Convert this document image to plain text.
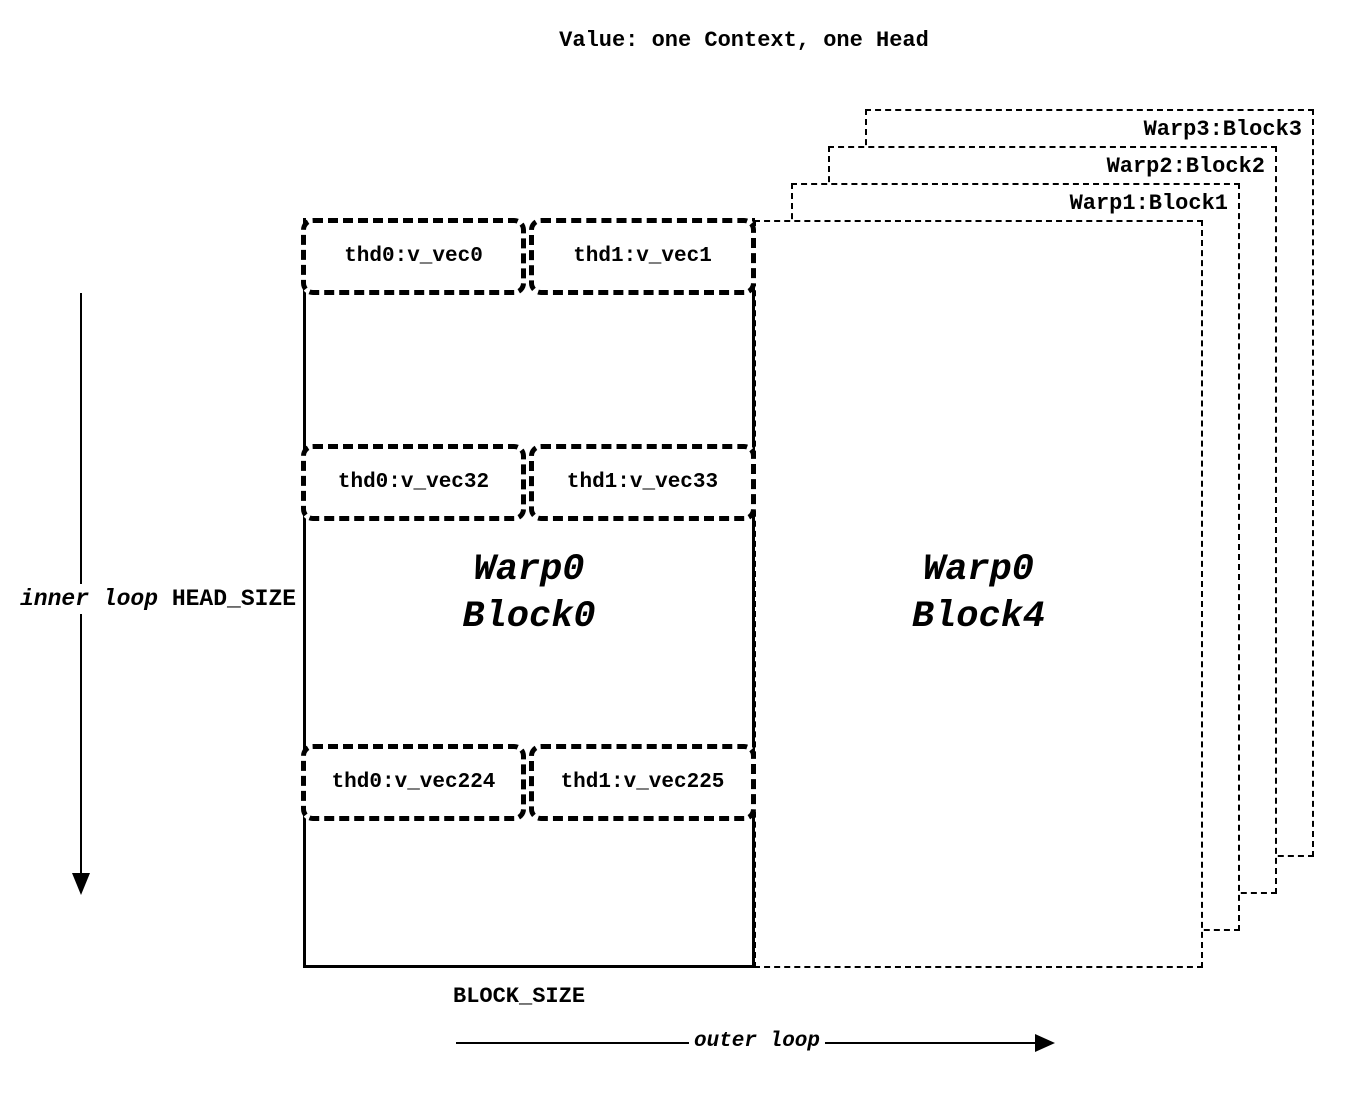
Value: one Context, one Head
Warp3:Block3
Warp2:Block2
Warp1:Block1
Warp0
Block4
Warp0
Block0
thd0:v_vec0	thd1:v_vec1
thd0:v_vec32	thd1:v_vec33
thd0:v_vec224	thd1:v_vec225
inner loop HEAD_SIZE
BLOCK_SIZE
outer loop
